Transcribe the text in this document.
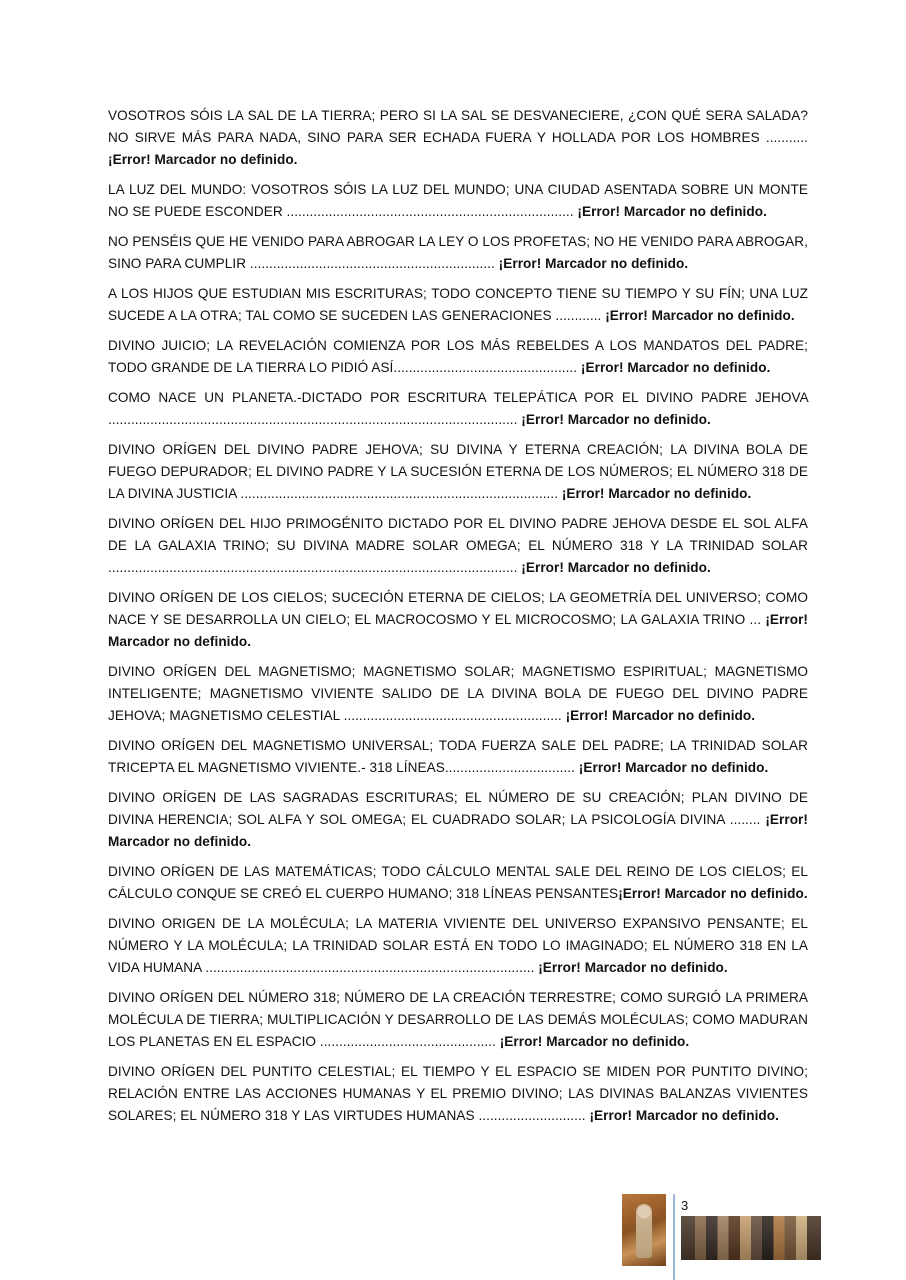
VOSOTROS SÓIS LA SAL DE LA TIERRA; PERO SI LA SAL SE DESVANECIERE, ¿CON QUÉ SERA SALADA? NO SIRVE MÁS PARA NADA, SINO PARA SER ECHADA FUERA Y HOLLADA POR LOS HOMBRES ........... ¡Error! Marcador no definido.

LA LUZ DEL MUNDO: VOSOTROS SÓIS LA LUZ DEL MUNDO; UNA CIUDAD ASENTADA SOBRE UN MONTE NO SE PUEDE ESCONDER ........................................................................... ¡Error! Marcador no definido.

NO PENSÉIS QUE HE VENIDO PARA ABROGAR LA LEY O LOS PROFETAS; NO HE VENIDO PARA ABROGAR, SINO PARA CUMPLIR ................................................................ ¡Error! Marcador no definido.

A LOS HIJOS QUE ESTUDIAN MIS ESCRITURAS; TODO CONCEPTO TIENE SU TIEMPO Y SU FÍN; UNA LUZ SUCEDE A LA OTRA; TAL COMO SE SUCEDEN LAS GENERACIONES ............ ¡Error! Marcador no definido.

DIVINO JUICIO; LA REVELACIÓN COMIENZA POR LOS MÁS REBELDES A LOS MANDATOS DEL PADRE; TODO GRANDE DE LA TIERRA LO PIDIÓ ASÍ................................................ ¡Error! Marcador no definido.

COMO NACE UN PLANETA.-DICTADO POR ESCRITURA TELEPÁTICA POR EL DIVINO PADRE JEHOVA ........................................................................................................... ¡Error! Marcador no definido.

DIVINO ORÍGEN DEL DIVINO PADRE JEHOVA; SU DIVINA Y ETERNA CREACIÓN; LA DIVINA BOLA DE FUEGO DEPURADOR; EL DIVINO PADRE Y LA SUCESIÓN ETERNA DE LOS NÚMEROS; EL NÚMERO 318 DE LA DIVINA JUSTICIA ................................................................................... ¡Error! Marcador no definido.

DIVINO ORÍGEN DEL HIJO PRIMOGÉNITO DICTADO POR EL DIVINO PADRE JEHOVA DESDE EL SOL ALFA DE LA GALAXIA TRINO; SU DIVINA MADRE SOLAR OMEGA; EL NÚMERO 318 Y LA TRINIDAD SOLAR ........................................................................................................... ¡Error! Marcador no definido.

DIVINO ORÍGEN DE LOS CIELOS; SUCECIÓN ETERNA DE CIELOS; LA GEOMETRÍA DEL UNIVERSO; COMO NACE Y SE DESARROLLA UN CIELO; EL MACROCOSMO Y EL MICROCOSMO; LA GALAXIA TRINO ... ¡Error! Marcador no definido.

DIVINO ORÍGEN DEL MAGNETISMO; MAGNETISMO SOLAR; MAGNETISMO ESPIRITUAL; MAGNETISMO INTELIGENTE; MAGNETISMO VIVIENTE SALIDO DE LA DIVINA BOLA DE FUEGO DEL DIVINO PADRE JEHOVA; MAGNETISMO CELESTIAL ......................................................... ¡Error! Marcador no definido.

DIVINO ORÍGEN DEL MAGNETISMO UNIVERSAL; TODA FUERZA SALE DEL PADRE; LA TRINIDAD SOLAR TRICEPTA EL MAGNETISMO VIVIENTE.- 318 LÍNEAS.................................. ¡Error! Marcador no definido.

DIVINO ORÍGEN DE LAS SAGRADAS ESCRITURAS; EL NÚMERO DE SU CREACIÓN; PLAN DIVINO DE DIVINA HERENCIA; SOL ALFA Y SOL OMEGA; EL CUADRADO SOLAR; LA PSICOLOGÍA DIVINA ........ ¡Error! Marcador no definido.

DIVINO ORÍGEN DE LAS MATEMÁTICAS; TODO CÁLCULO MENTAL SALE DEL REINO DE LOS CIELOS; EL CÁLCULO CONQUE SE CREÓ EL CUERPO HUMANO; 318 LÍNEAS PENSANTES¡Error! Marcador no definido.

DIVINO ORIGEN DE LA MOLÉCULA; LA MATERIA VIVIENTE DEL UNIVERSO EXPANSIVO PENSANTE; EL NÚMERO Y LA MOLÉCULA; LA TRINIDAD SOLAR ESTÁ EN TODO LO IMAGINADO; EL NÚMERO 318 EN LA VIDA HUMANA ...................................................................................... ¡Error! Marcador no definido.

DIVINO ORÍGEN DEL NÚMERO 318; NÚMERO DE LA CREACIÓN TERRESTRE; COMO SURGIÓ LA PRIMERA MOLÉCULA DE TIERRA; MULTIPLICACIÓN Y DESARROLLO DE LAS DEMÁS MOLÉCULAS; COMO MADURAN LOS PLANETAS EN EL ESPACIO .............................................. ¡Error! Marcador no definido.

DIVINO ORÍGEN DEL PUNTITO CELESTIAL; EL TIEMPO Y EL ESPACIO SE MIDEN POR PUNTITO DIVINO; RELACIÓN ENTRE LAS ACCIONES HUMANAS Y EL PREMIO DIVINO; LAS DIVINAS BALANZAS VIVIENTES SOLARES; EL NÚMERO 318 Y LAS VIRTUDES HUMANAS ............................ ¡Error! Marcador no definido.

3
